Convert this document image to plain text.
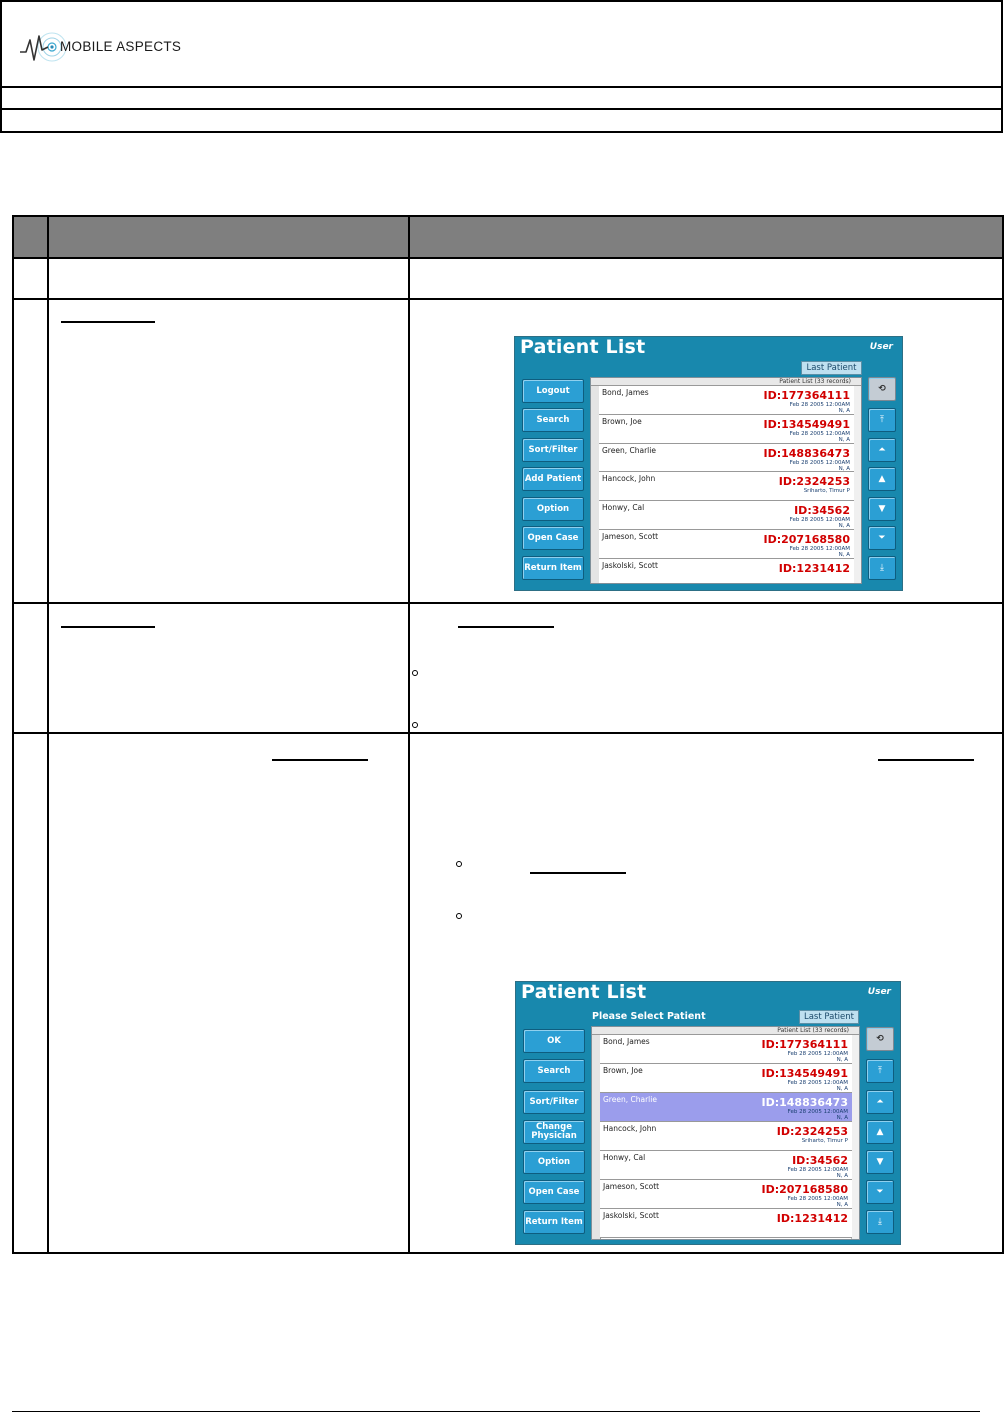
MOBILE ASPECTS
Patient List	User
Last Patient
Logout
Search
Sort/Filter
Add Patient
Option
Open Case
Return Item
Patient List (33 records)
Bond, James	ID:177364111
Feb 28 2005 12:00AM
N, A
Brown, Joe	ID:134549491
Feb 28 2005 12:00AM
N, A
Green, Charlie	ID:148836473
Feb 28 2005 12:00AM
N, A
Hancock, John	ID:2324253
Sriharto, Timur P
Honwy, Cal	ID:34562
Feb 28 2005 12:00AM
N, A
Jameson, Scott	ID:207168580
Feb 28 2005 12:00AM
N, A
Jaskolski, Scott	ID:1231412
⟲
⤒
⏶
▲
▼
⏷
⤓
Patient List	User
Please Select Patient	Last Patient
OK
Search
Sort/Filter
Change Physician
Option
Open Case
Return Item
Patient List (33 records)
Bond, James	ID:177364111
Feb 28 2005 12:00AM
N, A
Brown, Joe	ID:134549491
Feb 28 2005 12:00AM
N, A
Green, Charlie	ID:148836473
Feb 28 2005 12:00AM
N, A
Hancock, John	ID:2324253
Sriharto, Timur P
Honwy, Cal	ID:34562
Feb 28 2005 12:00AM
N, A
Jameson, Scott	ID:207168580
Feb 28 2005 12:00AM
N, A
Jaskolski, Scott	ID:1231412
⟲
⤒
⏶
▲
▼
⏷
⤓
